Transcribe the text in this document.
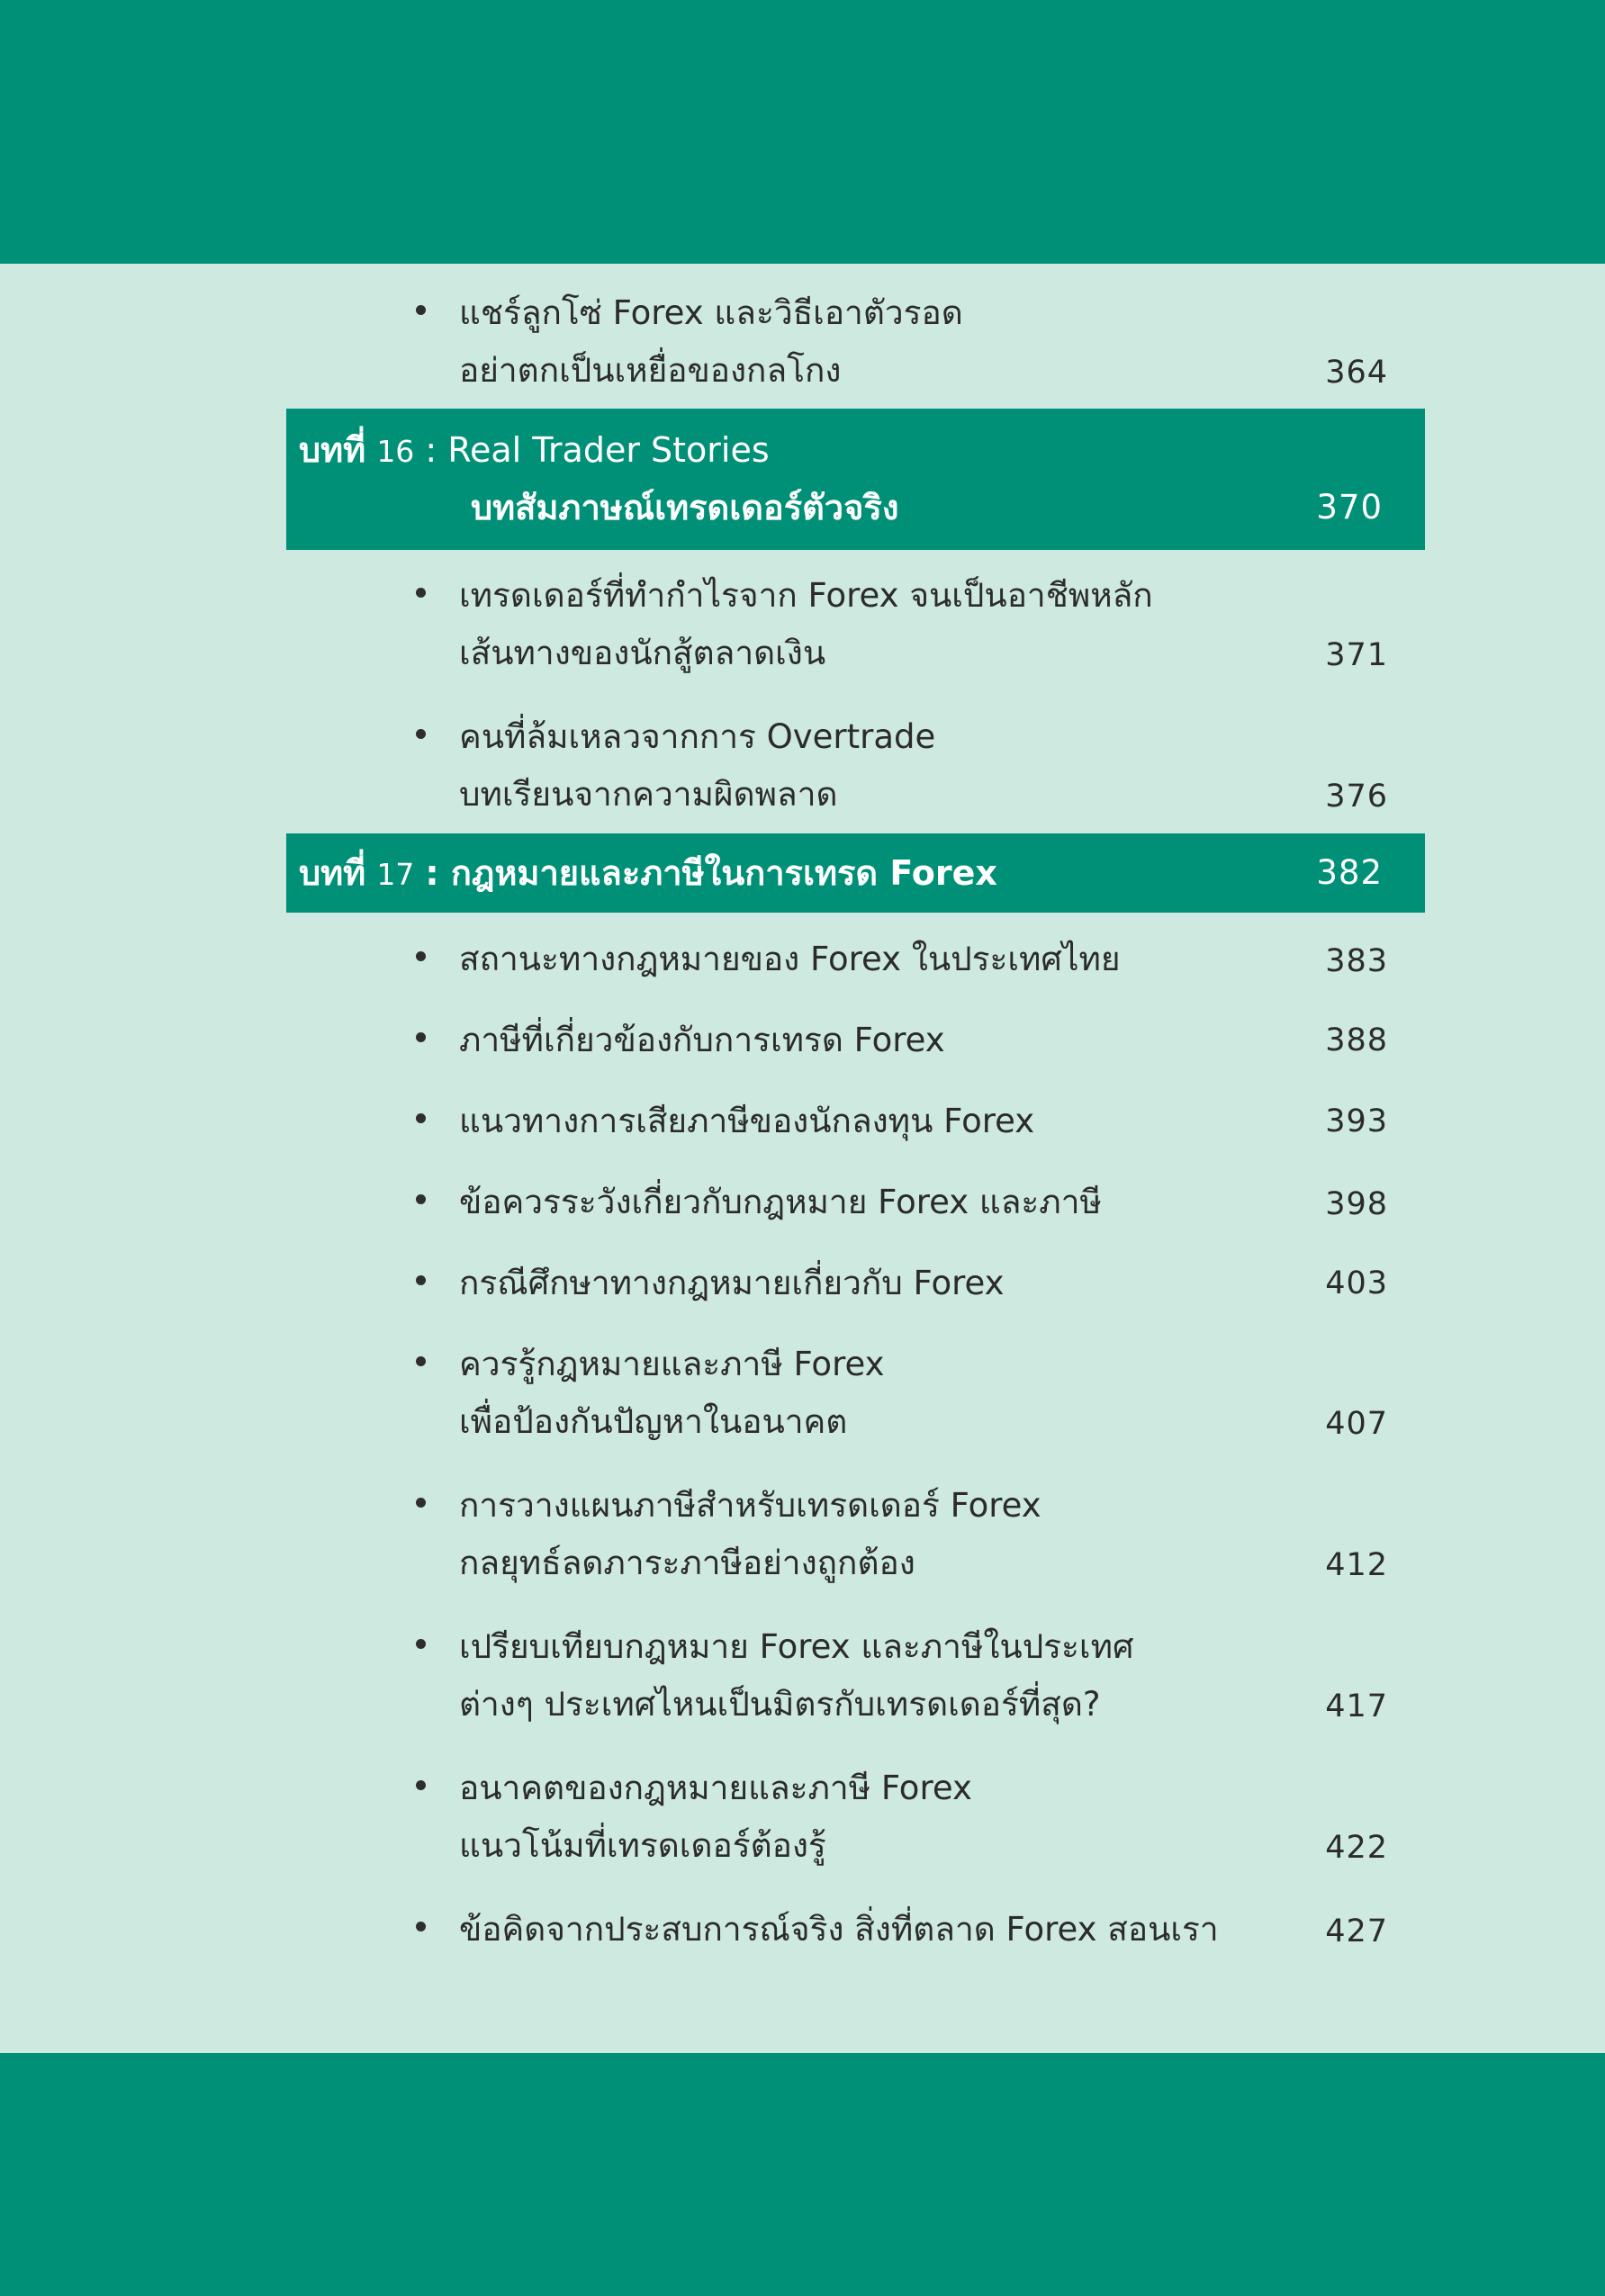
แชร์ลูกโซ่ Forex และวิธีเอาตัวรอด
อย่าตกเป็นเหยื่อของกลโกง	364
บทที่ 16 : Real Trader Stories
บทสัมภาษณ์เทรดเดอร์ตัวจริง	370
เทรดเดอร์ที่ทำกำไรจาก Forex จนเป็นอาชีพหลัก
เส้นทางของนักสู้ตลาดเงิน	371
คนที่ล้มเหลวจากการ Overtrade
บทเรียนจากความผิดพลาด	376
บทที่ 17 : กฎหมายและภาษีในการเทรด Forex	382
สถานะทางกฎหมายของ Forex ในประเทศไทย	383
ภาษีที่เกี่ยวข้องกับการเทรด Forex	388
แนวทางการเสียภาษีของนักลงทุน Forex	393
ข้อควรระวังเกี่ยวกับกฎหมาย Forex และภาษี	398
กรณีศึกษาทางกฎหมายเกี่ยวกับ Forex	403
ควรรู้กฎหมายและภาษี Forex
เพื่อป้องกันปัญหาในอนาคต	407
การวางแผนภาษีสำหรับเทรดเดอร์ Forex
กลยุทธ์ลดภาระภาษีอย่างถูกต้อง	412
เปรียบเทียบกฎหมาย Forex และภาษีในประเทศ
ต่างๆ ประเทศไหนเป็นมิตรกับเทรดเดอร์ที่สุด?	417
อนาคตของกฎหมายและภาษี Forex
แนวโน้มที่เทรดเดอร์ต้องรู้	422
ข้อคิดจากประสบการณ์จริง สิ่งที่ตลาด Forex สอนเรา	427
